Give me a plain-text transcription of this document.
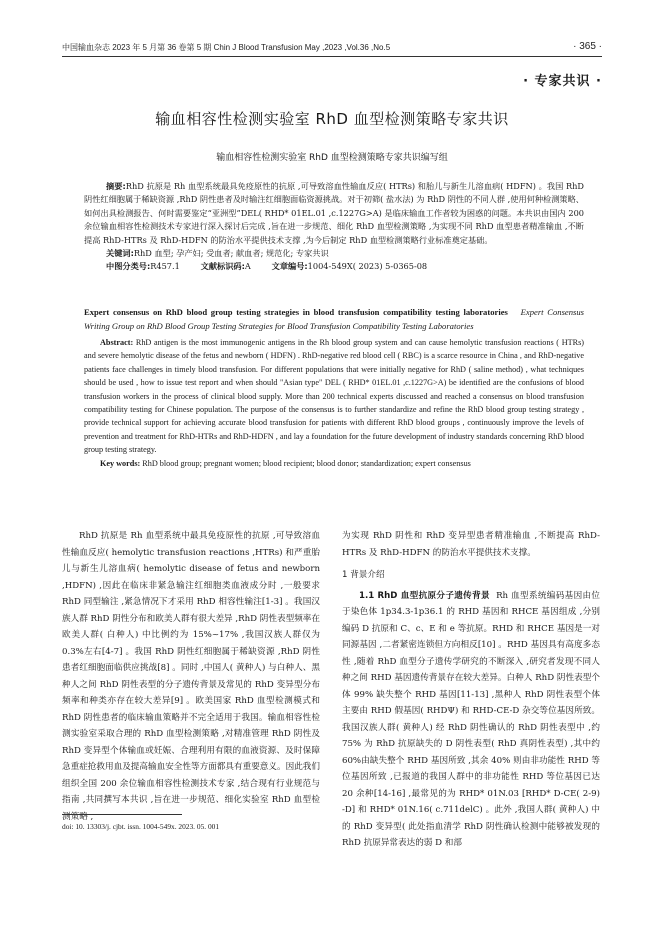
中国输血杂志 2023 年 5 月第 36 卷第 5 期 Chin J Blood Transfusion May ,2023 ,Vol.36 ,No.5	· 365 ·
· 专家共识 ·
输血相容性检测实验室 RhD 血型检测策略专家共识
输血相容性检测实验室 RhD 血型检测策略专家共识编写组

摘要:RhD 抗原是 Rh 血型系统最具免疫原性的抗原 ,可导致溶血性输血反应( HTRs) 和胎儿与新生儿溶血病( HDFN) 。我国 RhD 阴性红细胞属于稀缺资源 ,RhD 阴性患者及时输注红细胞面临资源挑战。对于初筛( 盐水法) 为 RhD 阴性的不同人群 ,使用何种检测策略、如何出具检测报告、何时需要鉴定“亚洲型”DEL( RHD* 01EL.01 ,c.1227G>A) 是临床输血工作者较为困惑的问题。本共识由国内 200 余位输血相容性检测技术专家进行深入探讨后完成 ,旨在进一步规范、细化 RhD 血型检测策略 ,为实现不同 RhD 血型患者精准输血 ,不断提高 RhD-HTRs 及 RhD-HDFN 的防治水平提供技术支撑 ,为今后制定 RhD 血型检测策略行业标准奠定基础。

关键词:RhD 血型; 孕产妇; 受血者; 献血者; 规范化; 专家共识

中图分类号:R457.1	文献标识码:A	文章编号:1004-549X( 2023) 5-0365-08

Expert consensus on RhD blood group testing strategies in blood transfusion compatibility testing laboratories Expert Consensus Writing Group on RhD Blood Group Testing Strategies for Blood Transfusion Compatibility Testing Laboratories

Abstract: RhD antigen is the most immunogenic antigens in the Rh blood group system and can cause hemolytic transfusion reactions ( HTRs) and severe hemolytic disease of the fetus and newborn ( HDFN) . RhD-negative red blood cell ( RBC) is a scarce resource in China , and RhD-negative patients face challenges in timely blood transfusion. For different populations that were initially negative for RhD ( saline method) , what techniques should be used , how to issue test report and when should "Asian type" DEL ( RHD* 01EL.01 ,c.1227G>A) be identified are the confusions of blood transfusion workers in the process of clinical blood supply. More than 200 technical experts discussed and reached a consensus on blood transfusion compatibility testing for Chinese population. The purpose of the consensus is to further standardize and refine the RhD blood group testing strategy , provide technical support for achieving accurate blood transfusion for patients with different RhD blood groups , continuously improve the levels of prevention and treatment for RhD-HTRs and RhD-HDFN , and lay a foundation for the future development of industry standards concerning RhD blood group testing strategy.

Key words: RhD blood group; pregnant women; blood recipient; blood donor; standardization; expert consensus

RhD 抗原是 Rh 血型系统中最具免疫原性的抗原 ,可导致溶血性输血反应( hemolytic transfusion reactions ,HTRs) 和严重胎儿与新生儿溶血病( hemolytic disease of fetus and newborn ,HDFN) ,因此在临床非紧急输注红细胞类血液成分时 ,一般要求 RhD 同型输注 ,紧急情况下才采用 RhD 相容性输注[1-3] 。我国汉族人群 RhD 阴性分布和欧美人群有很大差异 ,RhD 阴性表型频率在欧美人群( 白种人) 中比例约为 15%~17% ,我国汉族人群仅为 0.3%左右[4-7] 。我国 RhD 阴性红细胞属于稀缺资源 ,RhD 阴性患者红细胞面临供应挑战[8] 。同时 ,中国人( 黄种人) 与白种人、黑种人之间 RhD 阴性表型的分子遗传背景及常见的 RhD 变异型分布频率和种类亦存在较大差异[9] 。欧美国家 RhD 血型检测模式和 RhD 阴性患者的临床输血策略并不完全适用于我国。输血相容性检测实验室采取合理的 RhD 血型检测策略 ,对精准管理 RhD 阴性及 RhD 变异型个体输血或妊娠、合理利用有限的血液资源、及时保障急重症抢救用血及提高输血安全性等方面都具有重要意义。因此我们组织全国 200 余位输血相容性检测技术专家 ,结合现有行业规范与指南 ,共同撰写本共识 ,旨在进一步规范、细化实验室 RhD 血型检测策略 ,

为实现 RhD 阴性和 RhD 变异型患者精准输血 ,不断提高 RhD-HTRs 及 RhD-HDFN 的防治水平提供技术支撑。

1 背景介绍

1.1 RhD 血型抗原分子遗传背景 Rh 血型系统编码基因由位于染色体 1p34.3-1p36.1 的 RHD 基因和 RHCE 基因组成 ,分别编码 D 抗原和 C、c、E 和 e 等抗原。RHD 和 RHCE 基因是一对同源基因 ,二者紧密连锁但方向相反[10] 。RHD 基因具有高度多态性 ,随着 RhD 血型分子遗传学研究的不断深入 ,研究者发现不同人种之间 RHD 基因遗传背景存在较大差异。白种人 RhD 阴性表型个体 99% 缺失整个 RHD 基因[11-13] ,黑种人 RhD 阴性表型个体主要由 RHD 假基因( RHDΨ) 和 RHD-CE-D 杂交等位基因所致。我国汉族人群( 黄种人) 经 RhD 阴性确认的 RhD 阴性表型中 ,约 75% 为 RhD 抗原缺失的 D 阴性表型( RhD 真阴性表型) ,其中约 60%由缺失整个 RHD 基因所致 ,其余 40% 则由非功能性 RHD 等位基因所致 ,已报道的我国人群中的非功能性 RHD 等位基因已达 20 余种[14-16] ,最常见的为 RHD* 01N.03 [RHD* D-CE( 2-9) -D] 和 RHD* 01N.16( c.711delC) 。此外 ,我国人群( 黄种人) 中的 RhD 变异型( 此处指血清学 RhD 阴性确认检测中能够被发现的 RhD 抗原异常表达的弱 D 和部

doi: 10. 13303/j. cjbt. issn. 1004-549x. 2023. 05. 001
